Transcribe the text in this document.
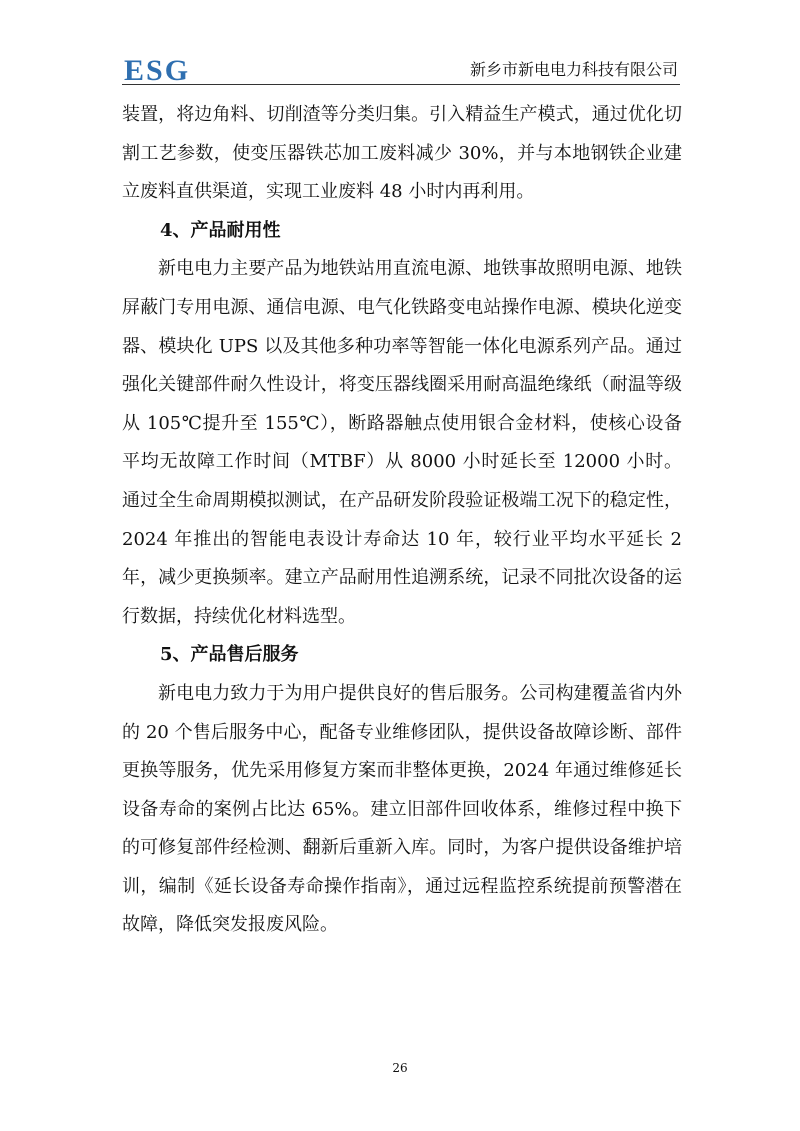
ESG	新乡市新电电力科技有限公司

装置，将边角料、切削渣等分类归集。引入精益生产模式，通过优化切割工艺参数，使变压器铁芯加工废料减少 30%，并与本地钢铁企业建立废料直供渠道，实现工业废料 48 小时内再利用。

4、产品耐用性

新电电力主要产品为地铁站用直流电源、地铁事故照明电源、地铁屏蔽门专用电源、通信电源、电气化铁路变电站操作电源、模块化逆变器、模块化 UPS 以及其他多种功率等智能一体化电源系列产品。通过强化关键部件耐久性设计，将变压器线圈采用耐高温绝缘纸（耐温等级从 105℃提升至 155℃），断路器触点使用银合金材料，使核心设备平均无故障工作时间（MTBF）从 8000 小时延长至 12000 小时。通过全生命周期模拟测试，在产品研发阶段验证极端工况下的稳定性，2024 年推出的智能电表设计寿命达 10 年，较行业平均水平延长 2 年，减少更换频率。建立产品耐用性追溯系统，记录不同批次设备的运行数据，持续优化材料选型。

5、产品售后服务

新电电力致力于为用户提供良好的售后服务。公司构建覆盖省内外的 20 个售后服务中心，配备专业维修团队，提供设备故障诊断、部件更换等服务，优先采用修复方案而非整体更换，2024 年通过维修延长设备寿命的案例占比达 65%。建立旧部件回收体系，维修过程中换下的可修复部件经检测、翻新后重新入库。同时，为客户提供设备维护培训，编制《延长设备寿命操作指南》，通过远程监控系统提前预警潜在故障，降低突发报废风险。

26
